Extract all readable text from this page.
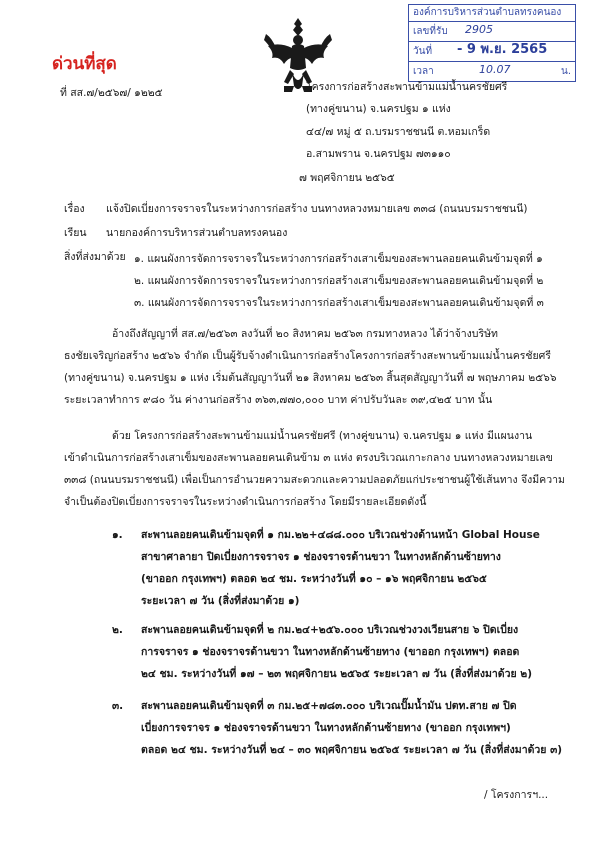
ด่วนที่สุด
ที่ สส.๗/๒๕๖๗/ ๑๒๒๕
องค์การบริหารส่วนตำบลทรงคนอง
เลขที่รับ 2905
วันที่ - 9 พ.ย. 2565
เวลา	10.07	น.
โครงการก่อสร้างสะพานข้ามแม่น้ำนครชัยศรี
(ทางคู่ขนาน) จ.นครปฐม ๑ แห่ง
๔๔/๗ หมู่ ๕ ถ.บรมราชชนนี ต.หอมเกร็ด
อ.สามพราน จ.นครปฐม ๗๓๑๑๐
๗ พฤศจิกายน ๒๕๖๕
เรื่อง แจ้งปิดเบี่ยงการจราจรในระหว่างการก่อสร้าง บนทางหลวงหมายเลข ๓๓๘ (ถนนบรมราชชนนี)
เรียน นายกองค์การบริหารส่วนตำบลทรงคนอง
สิ่งที่ส่งมาด้วย ๑. แผนผังการจัดการจราจรในระหว่างการก่อสร้างเสาเข็มของสะพานลอยคนเดินข้ามจุดที่ ๑
๒. แผนผังการจัดการจราจรในระหว่างการก่อสร้างเสาเข็มของสะพานลอยคนเดินข้ามจุดที่ ๒
๓. แผนผังการจัดการจราจรในระหว่างการก่อสร้างเสาเข็มของสะพานลอยคนเดินข้ามจุดที่ ๓
อ้างถึงสัญญาที่ สส.๗/๒๕๖๓ ลงวันที่ ๒๐ สิงหาคม ๒๕๖๓ กรมทางหลวง ได้ว่าจ้างบริษัท
ธงชัยเจริญก่อสร้าง ๒๕๖๖ จำกัด เป็นผู้รับจ้างดำเนินการก่อสร้างโครงการก่อสร้างสะพานข้ามแม่น้ำนครชัยศรี
(ทางคู่ขนาน) จ.นครปฐม ๑ แห่ง เริ่มต้นสัญญาวันที่ ๒๑ สิงหาคม ๒๕๖๓ สิ้นสุดสัญญาวันที่ ๗ พฤษภาคม ๒๕๖๖
ระยะเวลาทำการ ๙๘๐ วัน ค่างานก่อสร้าง ๓๖๓,๗๗๐,๐๐๐ บาท ค่าปรับวันละ ๓๙,๔๒๕ บาท นั้น
ด้วย โครงการก่อสร้างสะพานข้ามแม่น้ำนครชัยศรี (ทางคู่ขนาน) จ.นครปฐม ๑ แห่ง มีแผนงาน
เข้าดำเนินการก่อสร้างเสาเข็มของสะพานลอยคนเดินข้าม ๓ แห่ง ตรงบริเวณเกาะกลาง บนทางหลวงหมายเลข
๓๓๘ (ถนนบรมราชชนนี) เพื่อเป็นการอำนวยความสะดวกและความปลอดภัยแก่ประชาชนผู้ใช้เส้นทาง จึงมีความ
จำเป็นต้องปิดเบี่ยงการจราจรในระหว่างดำเนินการก่อสร้าง โดยมีรายละเอียดดังนี้
๑. สะพานลอยคนเดินข้ามจุดที่ ๑ กม.๒๒+๔๘๘.๐๐๐ บริเวณช่วงด้านหน้า Global House
สาขาศาลายา ปิดเบี่ยงการจราจร ๑ ช่องจราจรด้านขวา ในทางหลักด้านซ้ายทาง
(ขาออก กรุงเทพฯ) ตลอด ๒๔ ชม. ระหว่างวันที่ ๑๐ – ๑๖ พฤศจิกายน ๒๕๖๕
ระยะเวลา ๗ วัน (สิ่งที่ส่งมาด้วย ๑)
๒. สะพานลอยคนเดินข้ามจุดที่ ๒ กม.๒๔+๒๕๖.๐๐๐ บริเวณช่วงวงเวียนสาย ๖ ปิดเบี่ยง
การจราจร ๑ ช่องจราจรด้านขวา ในทางหลักด้านซ้ายทาง (ขาออก กรุงเทพฯ) ตลอด
๒๔ ชม. ระหว่างวันที่ ๑๗ – ๒๓ พฤศจิกายน ๒๕๖๕ ระยะเวลา ๗ วัน (สิ่งที่ส่งมาด้วย ๒)
๓. สะพานลอยคนเดินข้ามจุดที่ ๓ กม.๒๕+๗๘๓.๐๐๐ บริเวณปั๊มน้ำมัน ปตท.สาย ๗ ปิด
เบี่ยงการจราจร ๑ ช่องจราจรด้านขวา ในทางหลักด้านซ้ายทาง (ขาออก กรุงเทพฯ)
ตลอด ๒๔ ชม. ระหว่างวันที่ ๒๔ – ๓๐ พฤศจิกายน ๒๕๖๕ ระยะเวลา ๗ วัน (สิ่งที่ส่งมาด้วย ๓)
/ โครงการฯ...
